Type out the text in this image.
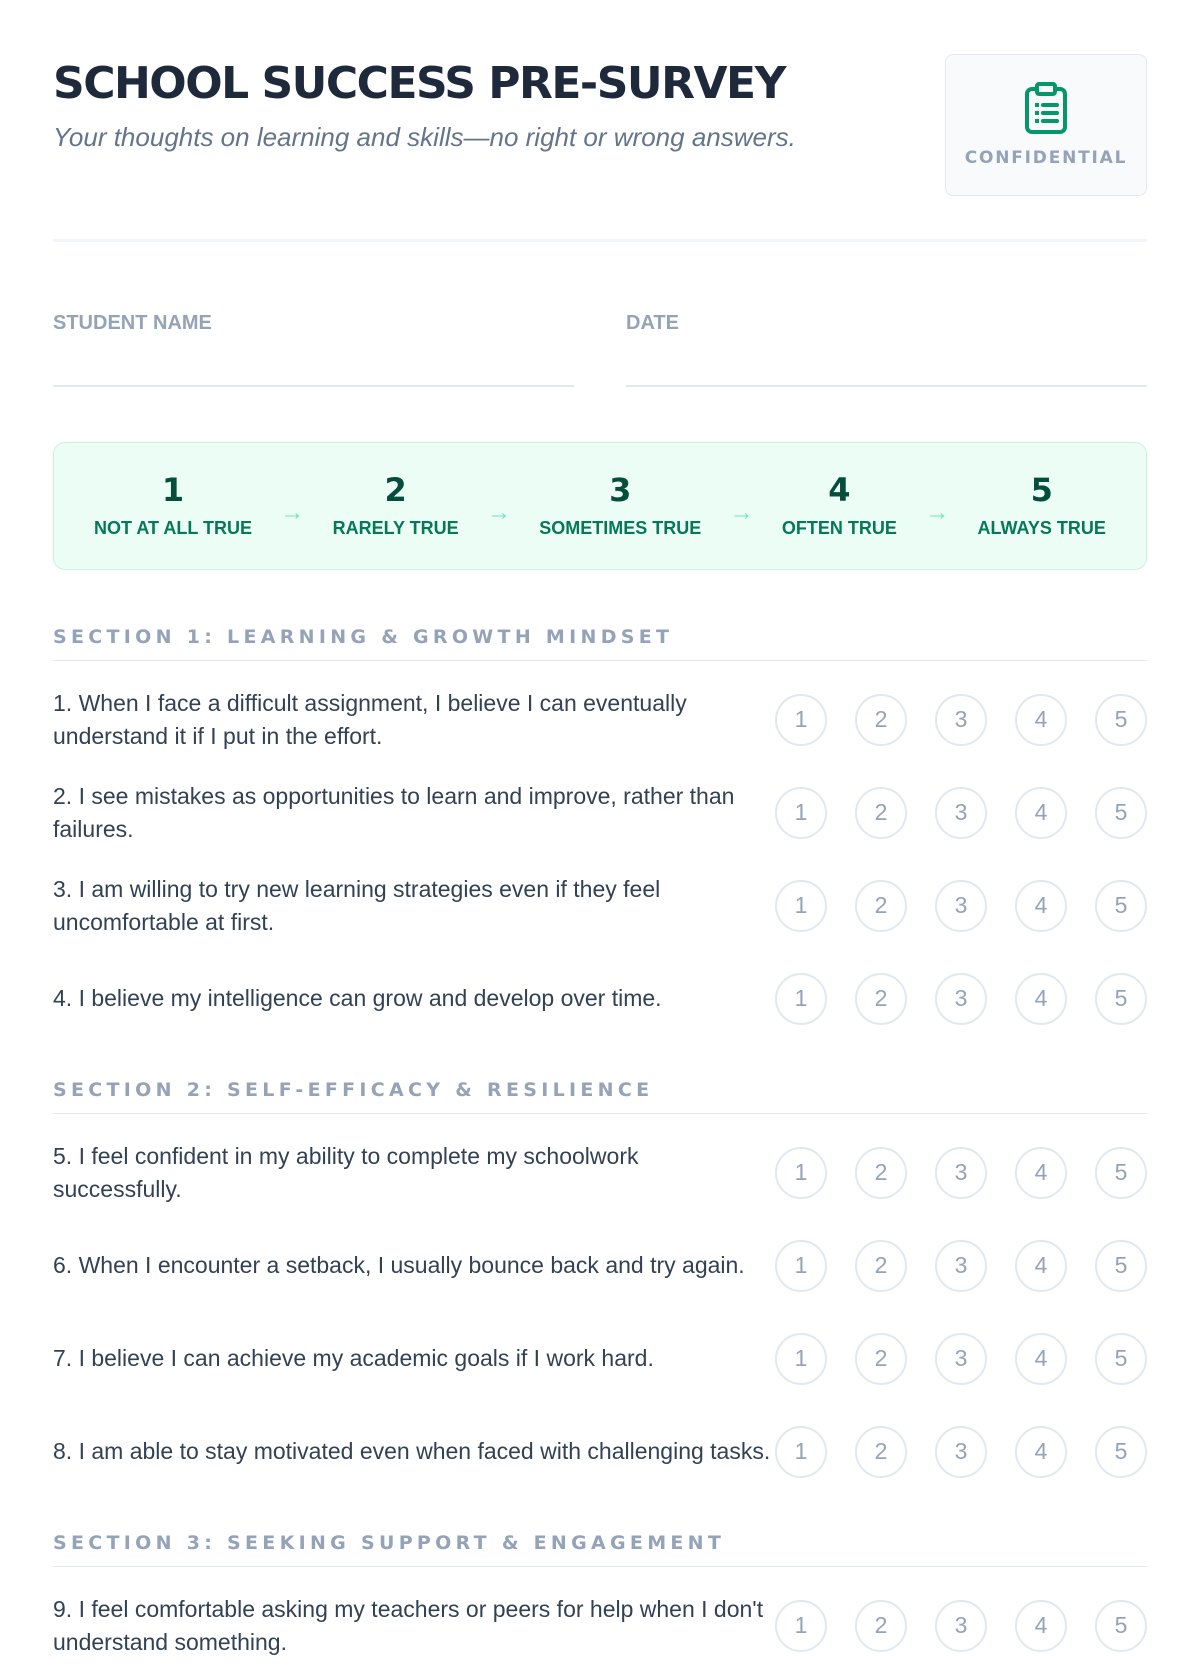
SCHOOL SUCCESS PRE-SURVEY
Your thoughts on learning and skills—no right or wrong answers.
CONFIDENTIAL
STUDENT NAME	DATE
1
NOT AT ALL TRUE
→
2
RARELY TRUE
→
3
SOMETIMES TRUE
→
4
OFTEN TRUE
→
5
ALWAYS TRUE
SECTION 1: LEARNING & GROWTH MINDSET
1. When I face a difficult assignment, I believe I can eventually understand it if I put in the effort.
1	2	3	4	5
2. I see mistakes as opportunities to learn and improve, rather than failures.
1	2	3	4	5
3. I am willing to try new learning strategies even if they feel uncomfortable at first.
1	2	3	4	5
4. I believe my intelligence can grow and develop over time.	1	2	3	4	5
SECTION 2: SELF-EFFICACY & RESILIENCE
5. I feel confident in my ability to complete my schoolwork successfully.
1	2	3	4	5
6. When I encounter a setback, I usually bounce back and try again.	1	2	3	4	5
7. I believe I can achieve my academic goals if I work hard.	1	2	3	4	5
8. I am able to stay motivated even when faced with challenging tasks.	1	2	3	4	5
SECTION 3: SEEKING SUPPORT & ENGAGEMENT
9. I feel comfortable asking my teachers or peers for help when I don't understand something.
1	2	3	4	5
